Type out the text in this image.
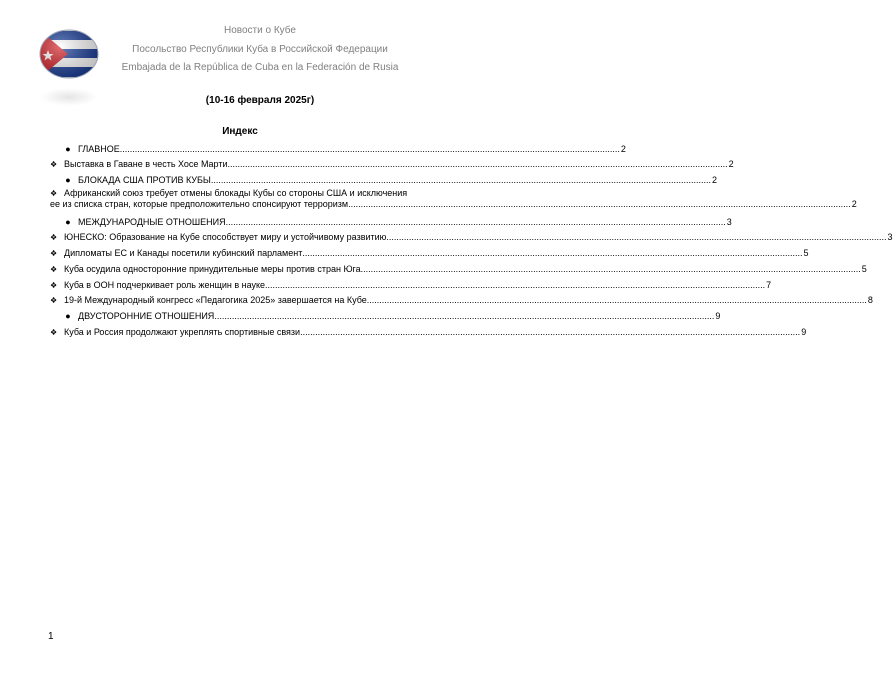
Новости о Кубе
Посольство Республики Куба в Российской Федерации
Embajada de la República de Cuba en la Federación de Rusia
(10-16 февраля 2025г)
Индекс
● ГЛАВНОЕ .....	2
❖ Выставка в Гаване в честь Хосе Марти .....	2
● БЛОКАДА США ПРОТИВ КУБЫ .....	2
❖ Африканский союз требует отмены блокады Кубы со стороны США и исключения
ее из списка стран, которые предположительно спонсируют терроризм. .....	2
● МЕЖДУНАРОДНЫЕ ОТНОШЕНИЯ .....	3
❖ ЮНЕСКО: Образование на Кубе способствует миру и устойчивому развитию .....	3
❖ Дипломаты ЕС и Канады посетили кубинский парламент .....	5
❖ Куба осудила односторонние принудительные меры против стран Юга .....	5
❖ Куба в ООН подчеркивает роль женщин в науке .....	7
❖ 19-й Международный конгресс «Педагогика 2025» завершается на Кубе .....	8
● ДВУСТОРОННИЕ ОТНОШЕНИЯ .....	9
❖ Куба и Россия продолжают укреплять спортивные связи .....	9
1
